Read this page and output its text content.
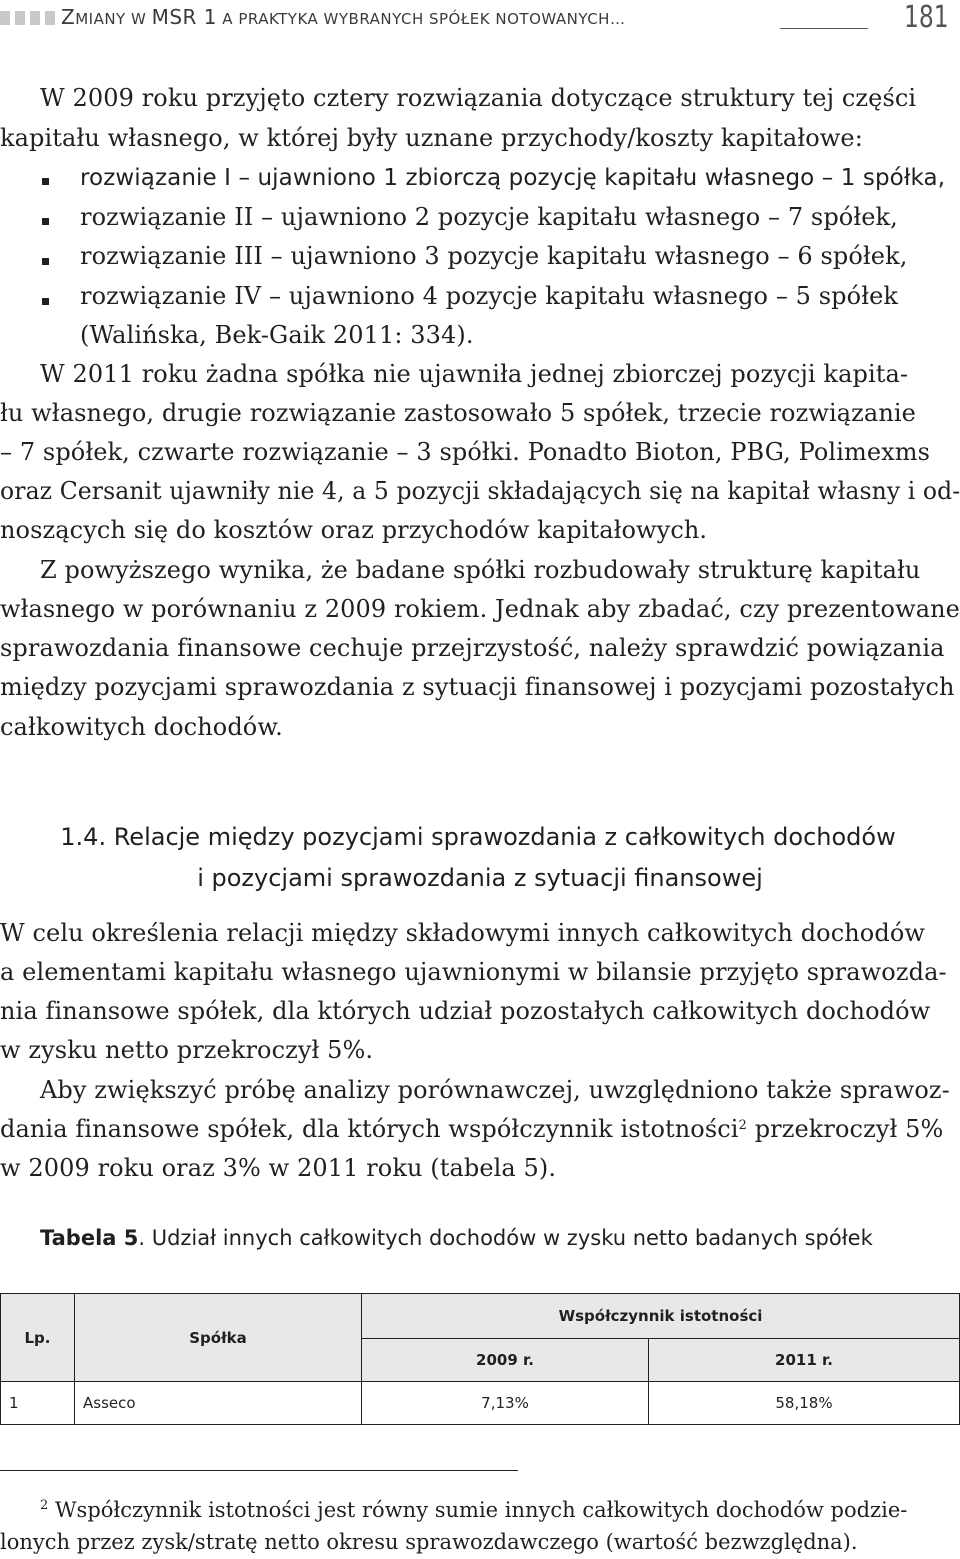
ZMIANY W MSR 1 A PRAKTYKA WYBRANYCH SPÓŁEK NOTOWANYCH…	181
W 2009 roku przyjęto cztery rozwiązania dotyczące struktury tej części
kapitału własnego, w której były uznane przychody/koszty kapitałowe:
rozwiązanie I – ujawniono 1 zbiorczą pozycję kapitału własnego – 1 spółka,
rozwiązanie II – ujawniono 2 pozycje kapitału własnego – 7 spółek,
rozwiązanie III – ujawniono 3 pozycje kapitału własnego – 6 spółek,
rozwiązanie IV – ujawniono 4 pozycje kapitału własnego – 5 spółek
(Walińska, Bek-Gaik 2011: 334).
W 2011 roku żadna spółka nie ujawniła jednej zbiorczej pozycji kapita-
łu własnego, drugie rozwiązanie zastosowało 5 spółek, trzecie rozwiązanie
– 7 spółek, czwarte rozwiązanie – 3 spółki. Ponadto Bioton, PBG, Polimexms
oraz Cersanit ujawniły nie 4, a 5 pozycji składających się na kapitał własny i od-
noszących się do kosztów oraz przychodów kapitałowych.
Z powyższego wynika, że badane spółki rozbudowały strukturę kapitału
własnego w porównaniu z 2009 rokiem. Jednak aby zbadać, czy prezentowane
sprawozdania finansowe cechuje przejrzystość, należy sprawdzić powiązania
między pozycjami sprawozdania z sytuacji finansowej i pozycjami pozostałych
całkowitych dochodów.
1.4. Relacje między pozycjami sprawozdania z całkowitych dochodów
i pozycjami sprawozdania z sytuacji finansowej
W celu określenia relacji między składowymi innych całkowitych dochodów
a elementami kapitału własnego ujawnionymi w bilansie przyjęto sprawozda-
nia finansowe spółek, dla których udział pozostałych całkowitych dochodów
w zysku netto przekroczył 5%.
Aby zwiększyć próbę analizy porównawczej, uwzględniono także sprawoz-
dania finansowe spółek, dla których współczynnik istotności$^2$ przekroczył 5%
w 2009 roku oraz 3% w 2011 roku (tabela 5).
Tabela 5. Udział innych całkowitych dochodów w zysku netto badanych spółek
Lp.	Spółka	Współczynnik istotności	
		2009 r.	2011 r.
1	Asseco	7,13%	58,18%
$^2$ Współczynnik istotności jest równy sumie innych całkowitych dochodów podzie-
lonych przez zysk/stratę netto okresu sprawozdawczego (wartość bezwzględna).
